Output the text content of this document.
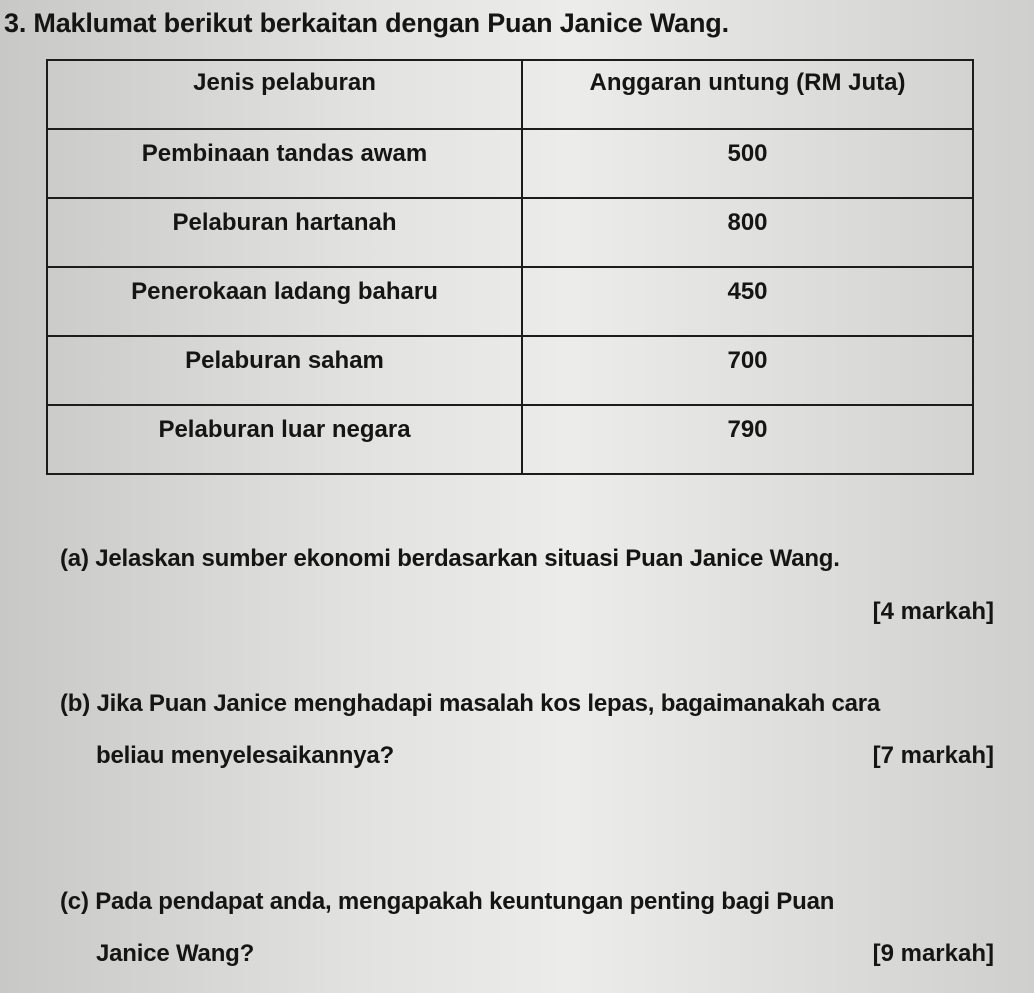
3. Maklumat berikut berkaitan dengan Puan Janice Wang.
Jenis pelaburan	Anggaran untung (RM Juta)
Pembinaan tandas awam	500
Pelaburan hartanah	800
Penerokaan ladang baharu	450
Pelaburan saham	700
Pelaburan luar negara	790
(a) Jelaskan sumber ekonomi berdasarkan situasi Puan Janice Wang.
[4 markah]
(b) Jika Puan Janice menghadapi masalah kos lepas, bagaimanakah cara
beliau menyelesaikannya?	[7 markah]
(c) Pada pendapat anda, mengapakah keuntungan penting bagi Puan
Janice Wang?	[9 markah]
